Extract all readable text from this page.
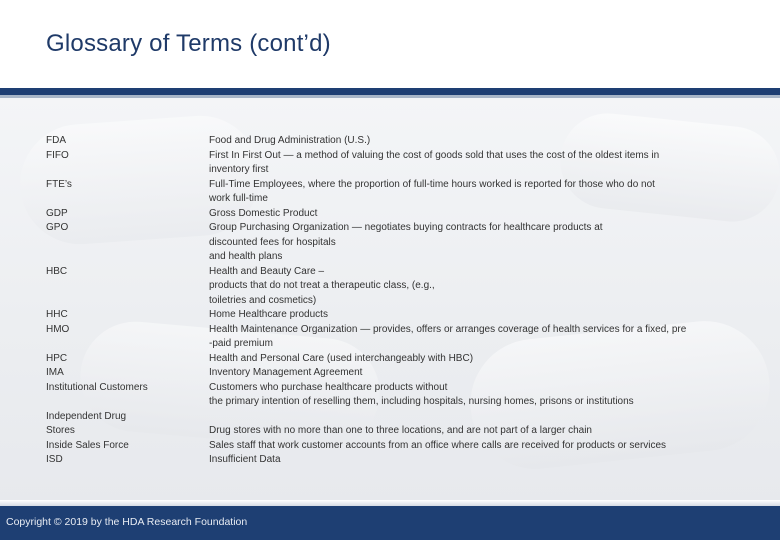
Glossary of Terms (cont’d)
FDA
FIFO
FTE’s
GDP
GPO
HBC
HHC
HMO
HPC
IMA
Institutional Customers
Independent Drug
Stores
Inside Sales Force
ISD
Food and Drug Administration (U.S.)
First In First Out — a method of valuing the cost of goods sold that uses the cost of the oldest items in
inventory first
Full-Time Employees, where the proportion of full-time hours worked is reported for those who do not
work full-time
Gross Domestic Product
Group Purchasing Organization — negotiates buying contracts for healthcare products at
discounted fees for hospitals
and health plans
Health and Beauty Care –
products that do not treat a therapeutic class, (e.g.,
toiletries and cosmetics)
Home Healthcare products
Health Maintenance Organization — provides, offers or arranges coverage of health services for a fixed, pre
-paid premium
Health and Personal Care (used interchangeably with HBC)
Inventory Management Agreement
Customers who purchase healthcare products without
the primary intention of reselling them, including hospitals, nursing homes, prisons or institutions
Drug stores with no more than one to three locations, and are not part of a larger chain
Sales staff that work customer accounts from an office where calls are received for products or services
Insufficient Data
Copyright © 2019 by the HDA Research Foundation
